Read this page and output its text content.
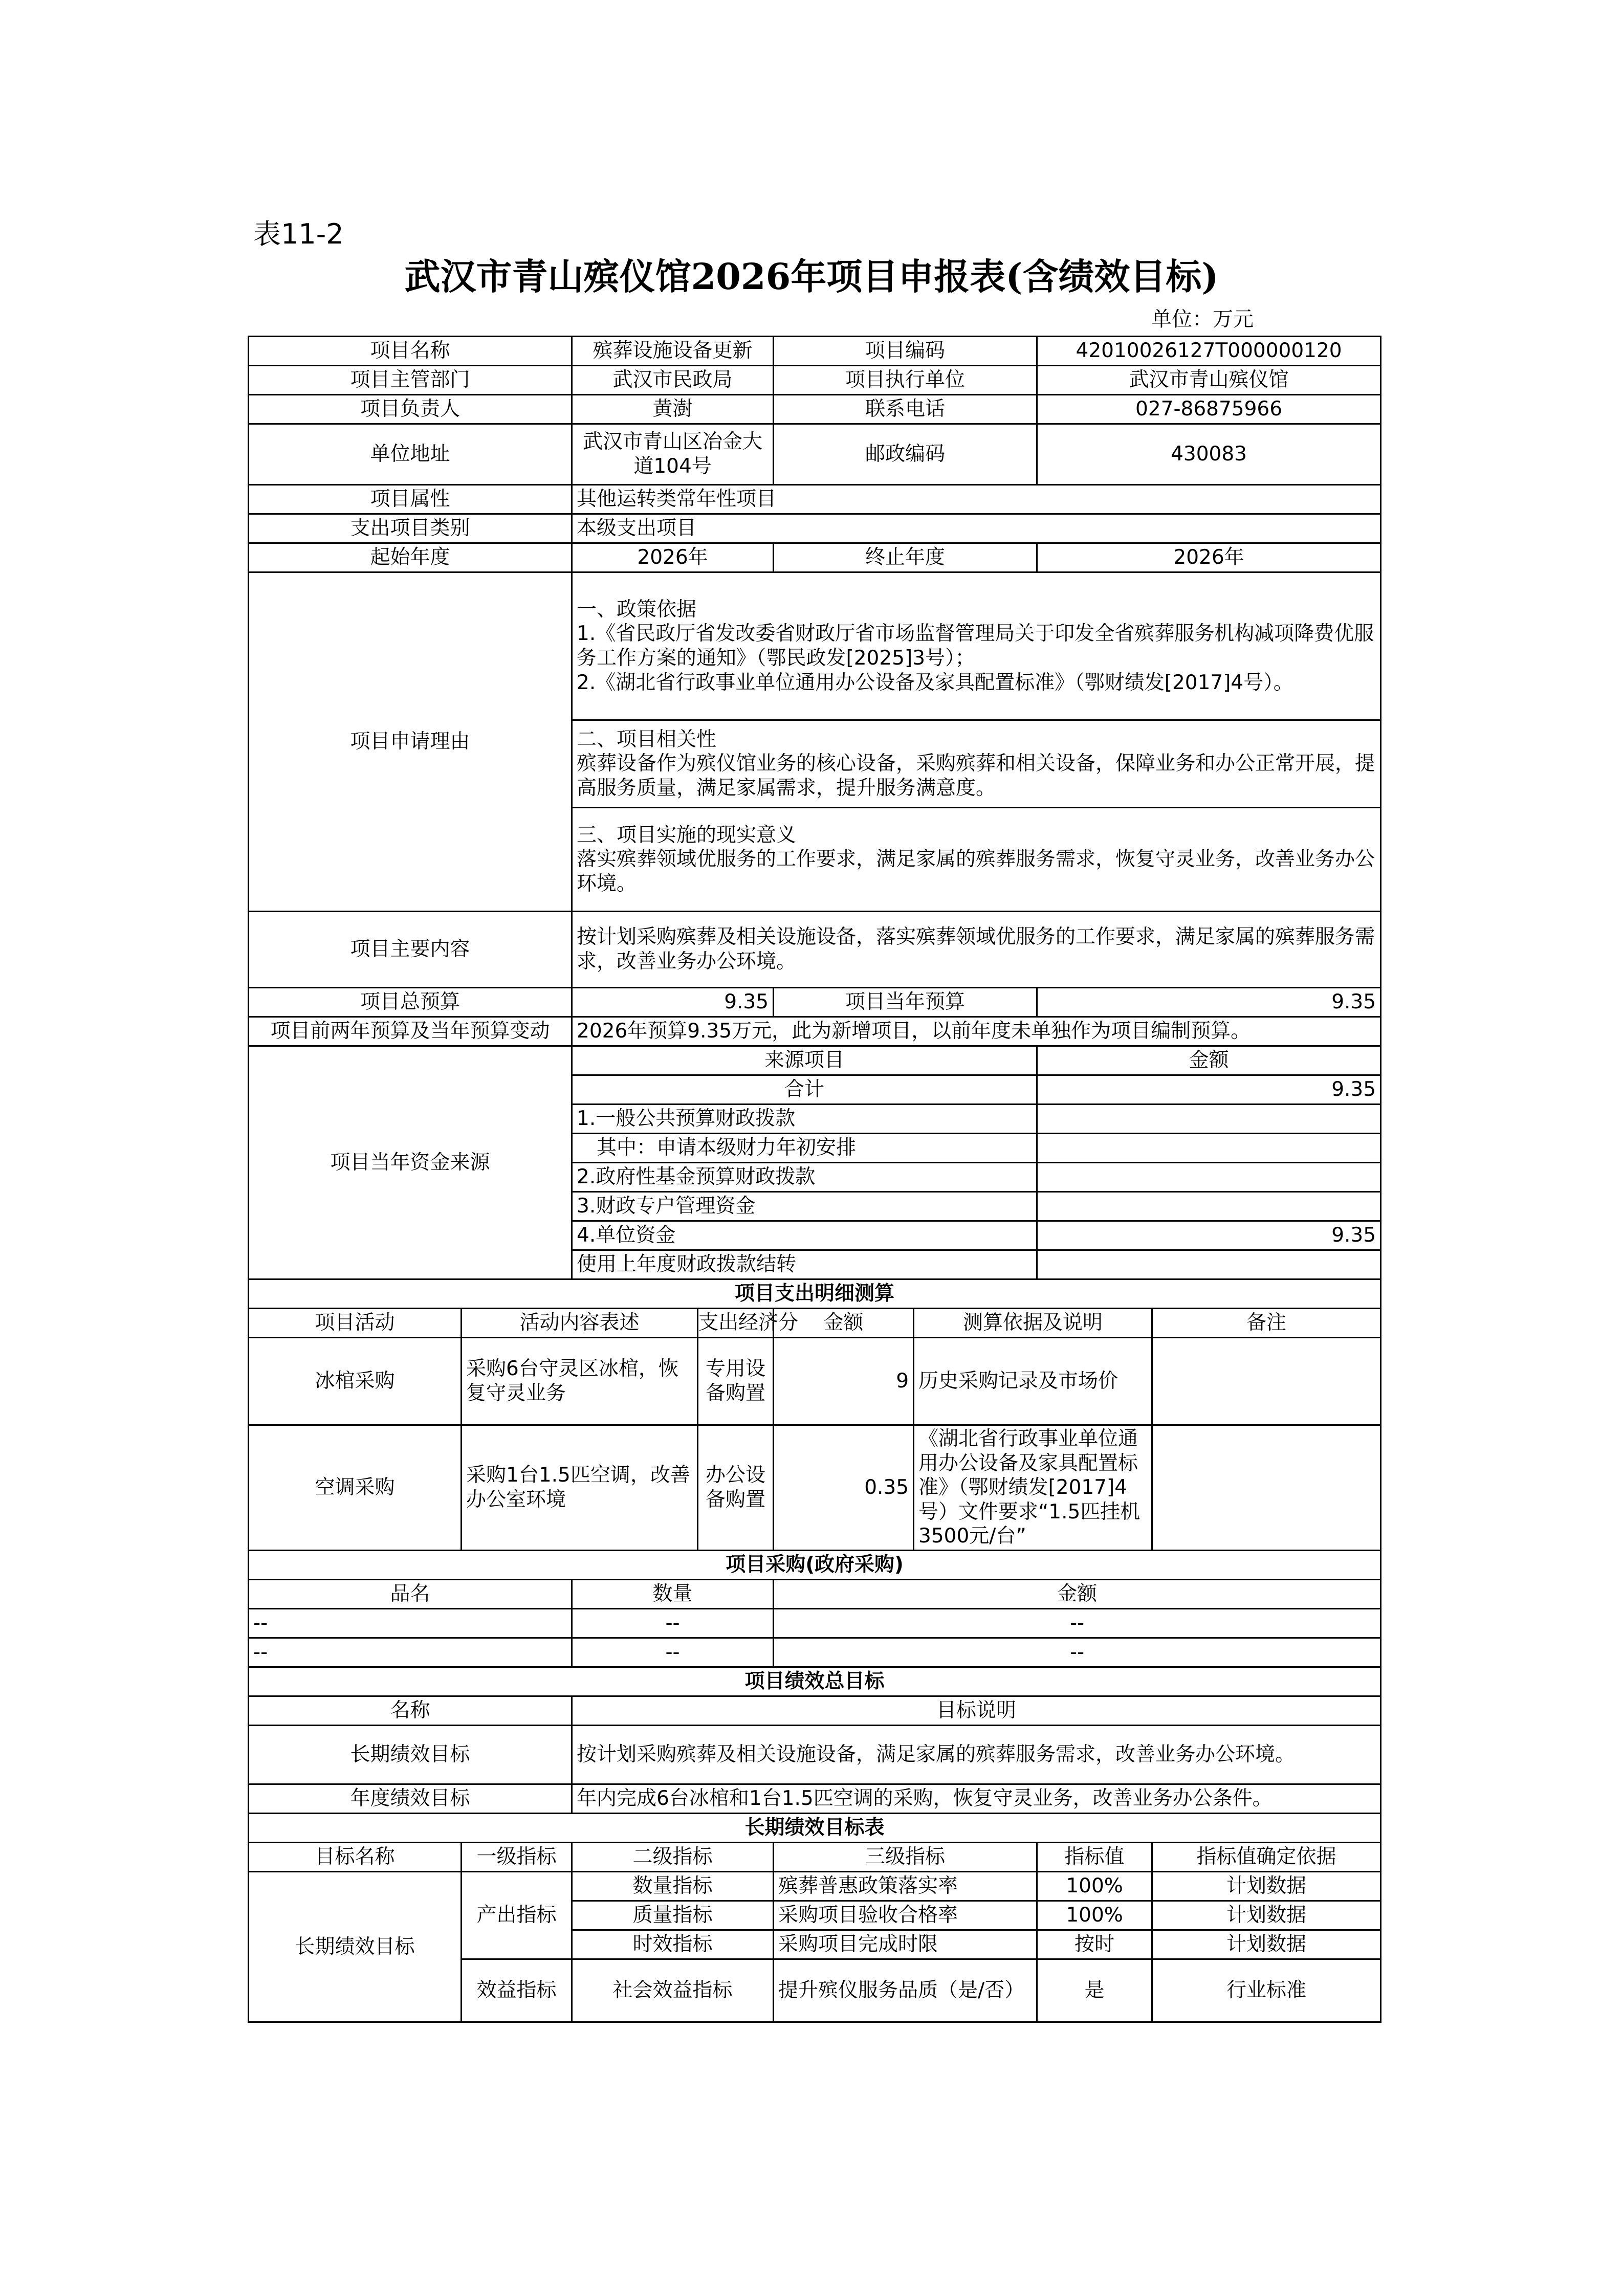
表11-2
武汉市青山殡仪馆2026年项目申报表(含绩效目标)
单位：万元
项目名称		殡葬设施设备更新		项目编码		420100261​27T000000120	
项目主管部门		武汉市民政局		项目执行单位		武汉市青山殡仪馆	
项目负责人		黄澍		联系电话		027-86875966	
单位地址		武汉市青山区冶金大道104号		邮政编码		430083	
项目属性		其他运转类常年性项目					
支出项目类别		本级支出项目					
起始年度		2026年		终止年度		2026年	
项目申请理由		一、政策依据
1.《省民政厅省发改委省财政厅省市场监督管理局关于印发全省殡葬服务机构减项降费优服务工作方案的通知》（鄂民政发[2025]3号）；
2.《湖北省行政事业单位通用办公设备及家具配置标准》（鄂财绩发[2017]4号）。					

		二、项目相关性
殡葬设备作为殡仪馆业务的核心设备，采购殡葬和相关设备，保障业务和办公正常开展，提高服务质量，满足家属需求，提升服务满意度。					

		三、项目实施的现实意义
落实殡葬领域优服务的工作要求，满足家属的殡葬服务需求，恢复守灵业务，改善业务办公环境。					

项目主要内容		按计划采购殡葬及相关设施设备，落实殡葬领域优服务的工作要求，满足家属的殡葬服务需求，改善业务办公环境。					
项目总预算		9.35		项目当年预算		9.35	
项目前两年预算及当年预算变动		2026年预算9.35万元，此为新增项目，以前年度未单独作为项目编制预算。					
项目当年资金来源		来源项目				金额	
		合计				9.35	
		1.一般公共预算财政拨款					
		　其中：申请本级财力年初安排					
		2.政府性基金预算财政拨款					
		3.财政专户管理资金					
		4.单位资金				9.35	
		使用上年度财政拨款结转					
项目支出明细测算							
项目活动	活动内容表述		支出经济分	金额	测算依据及说明		备注
冰棺采购	采购6台守灵区冰棺，恢复守灵业务		专用设备购置	9	历史采购记录及市场价		
空调采购	采购1台1.5匹空调，改善办公室环境		办公设备购置	0.35	《湖北省行政事业单位通用办公设备及家具配置标准》（鄂财绩发[2017]4号）文件要求“1.5匹挂机3500元/台”		
项目采购(政府采购)							
品名		数量		金额			
--		--		--			
--		--		--			
项目绩效总目标							
名称		目标说明					
长期绩效目标		按计划采购殡葬及相关设施设备，满足家属的殡葬服务需求，改善业务办公环境。					
年度绩效目标		年内完成6台冰棺和1台1.5匹空调的采购，恢复守灵业务，改善业务办公条件。					
长期绩效目标表							
目标名称	一级指标	二级指标		三级指标		指标值	指标值确定依据
长期绩效目标	产出指标	数量指标		殡葬普惠政策落实率		100%	计划数据
		质量指标		采购项目验收合格率		100%	计划数据
		时效指标		采购项目完成时限		按时	计划数据
	效益指标	社会效益指标		提升殡仪服务品质（是/否）		是	行业标准
